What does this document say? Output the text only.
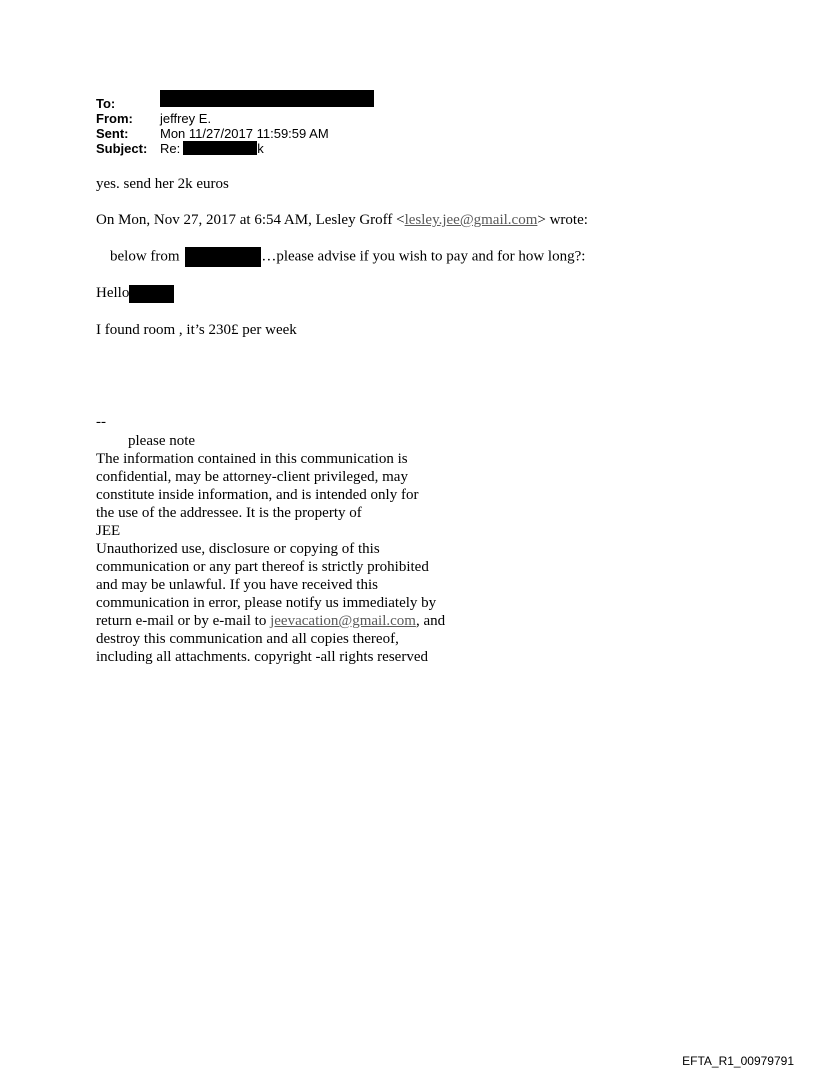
To:
From:	jeffrey E.
Sent:	Mon 11/27/2017 11:59:59 AM
Subject: Re:	k
yes. send her 2k euros
On Mon, Nov 27, 2017 at 6:54 AM, Lesley Groff <lesley.jee@gmail.com> wrote:
below from	…please advise if you wish to pay and for how long?:
Hello
I found room , it’s 230£ per week
--
please note
The information contained in this communication is
confidential, may be attorney-client privileged, may
constitute inside information, and is intended only for
the use of the addressee. It is the property of
JEE
Unauthorized use, disclosure or copying of this
communication or any part thereof is strictly prohibited
and may be unlawful. If you have received this
communication in error, please notify us immediately by
return e-mail or by e-mail to jeevacation@gmail.com, and
destroy this communication and all copies thereof,
including all attachments. copyright -all rights reserved
EFTA_R1_00979791
